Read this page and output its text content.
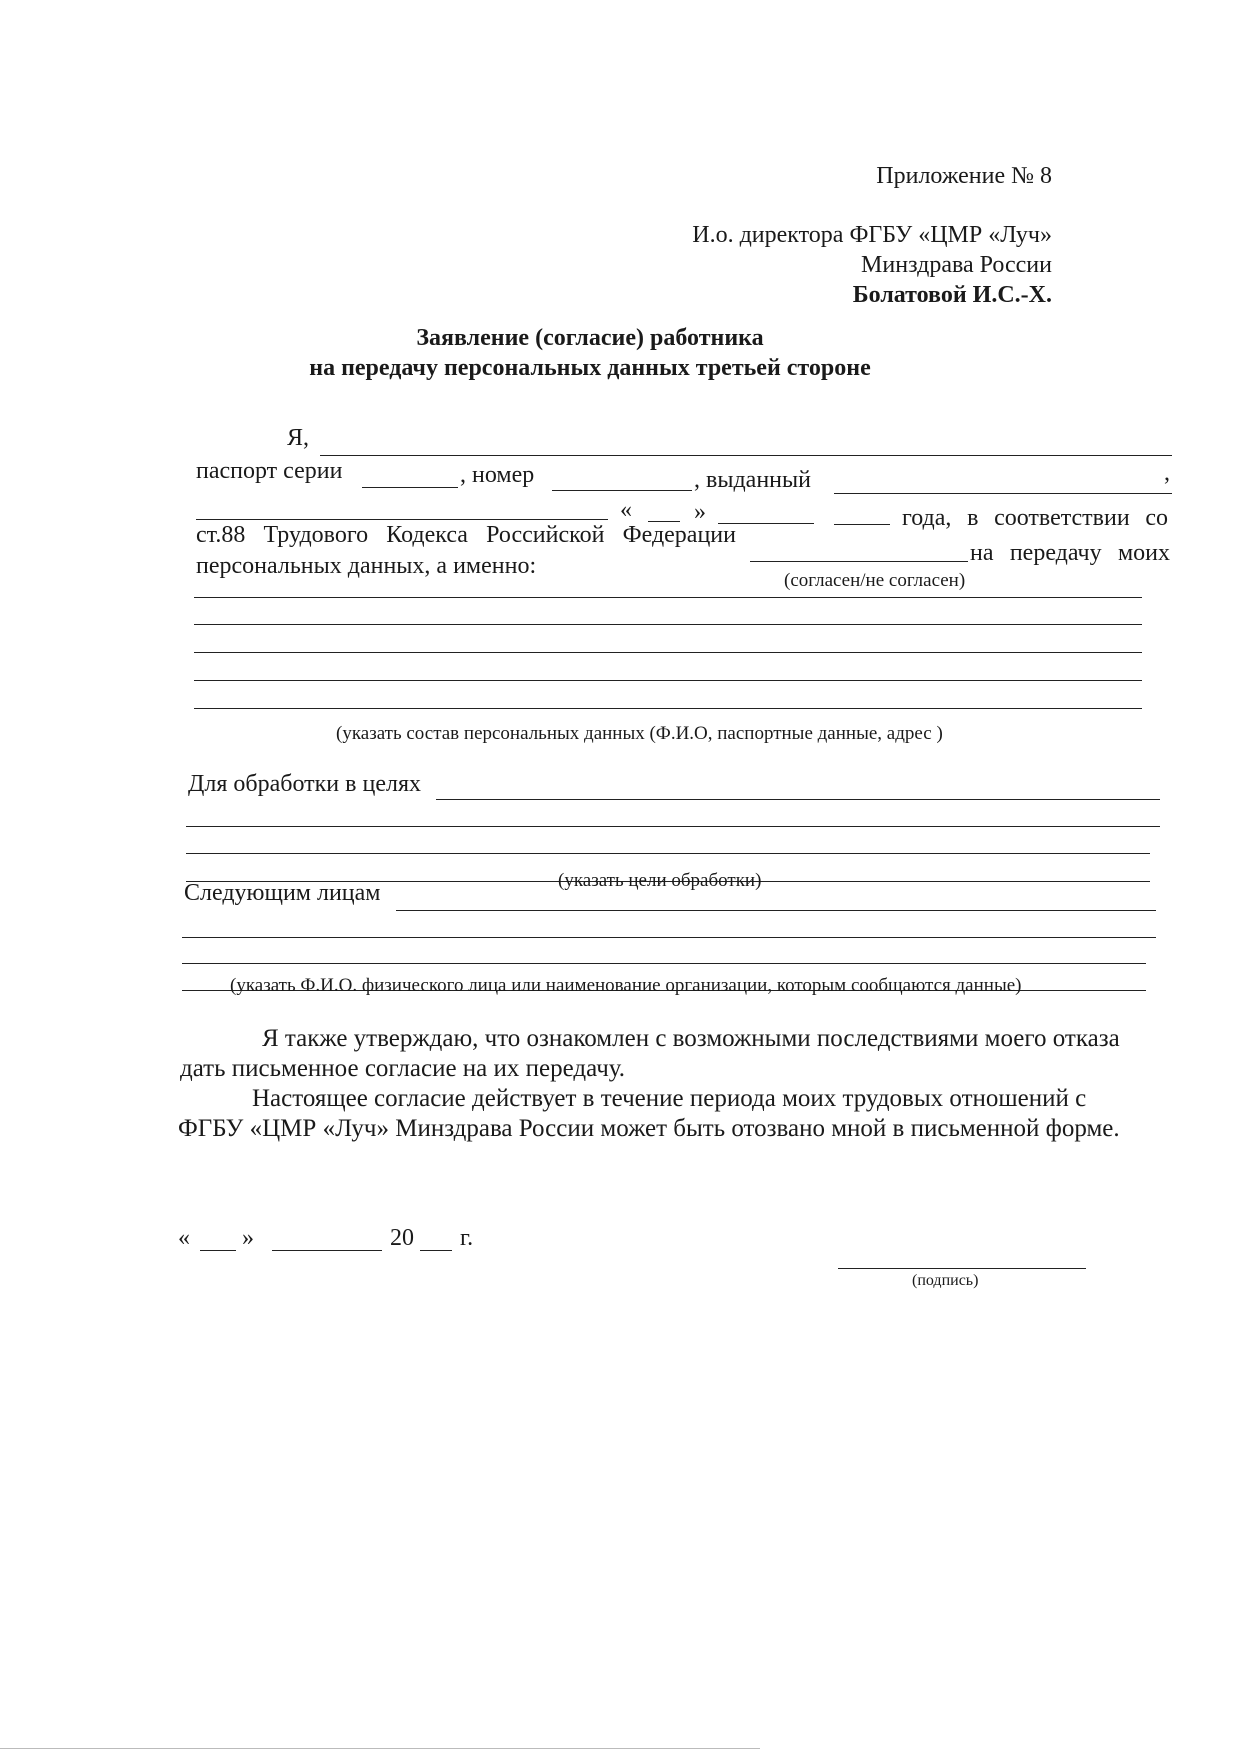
Приложение № 8
И.о. директора ФГБУ «ЦМР «Луч»
Минздрава России
Болатовой И.С.-Х.
Заявление (согласие) работника
на передачу персональных данных третьей стороне
Я,
паспорт серии	, номер	, выданный	,
«	»	года, в соответствии со
ст.88 Трудового Кодекса Российской Федерации
на передачу моих
персональных данных, а именно:
(согласен/не согласен)
(указать состав персональных данных (Ф.И.О, паспортные данные, адрес )
Для обработки в целях
(указать цели обработки)
Следующим лицам
(указать Ф.И.О. физического лица или наименование организации, которым сообщаются данные)
Я также утверждаю, что ознакомлен с возможными последствиями моего отказа
дать письменное согласие на их передачу.
Настоящее согласие действует в течение периода моих трудовых отношений с
ФГБУ «ЦМР «Луч» Минздрава России может быть отозвано мной в письменной форме.
« »	20 г.
(подпись)
